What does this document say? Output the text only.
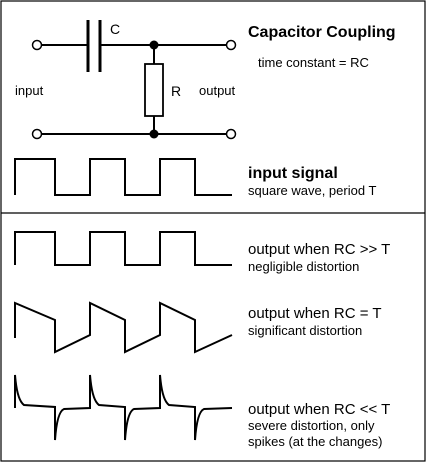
C
R
input	output
Capacitor Coupling
time constant = RC
input signal
square wave, period T
output when RC >> T
negligible distortion
output when RC = T
significant distortion
output when RC << T
severe distortion, only
spikes (at the changes)
